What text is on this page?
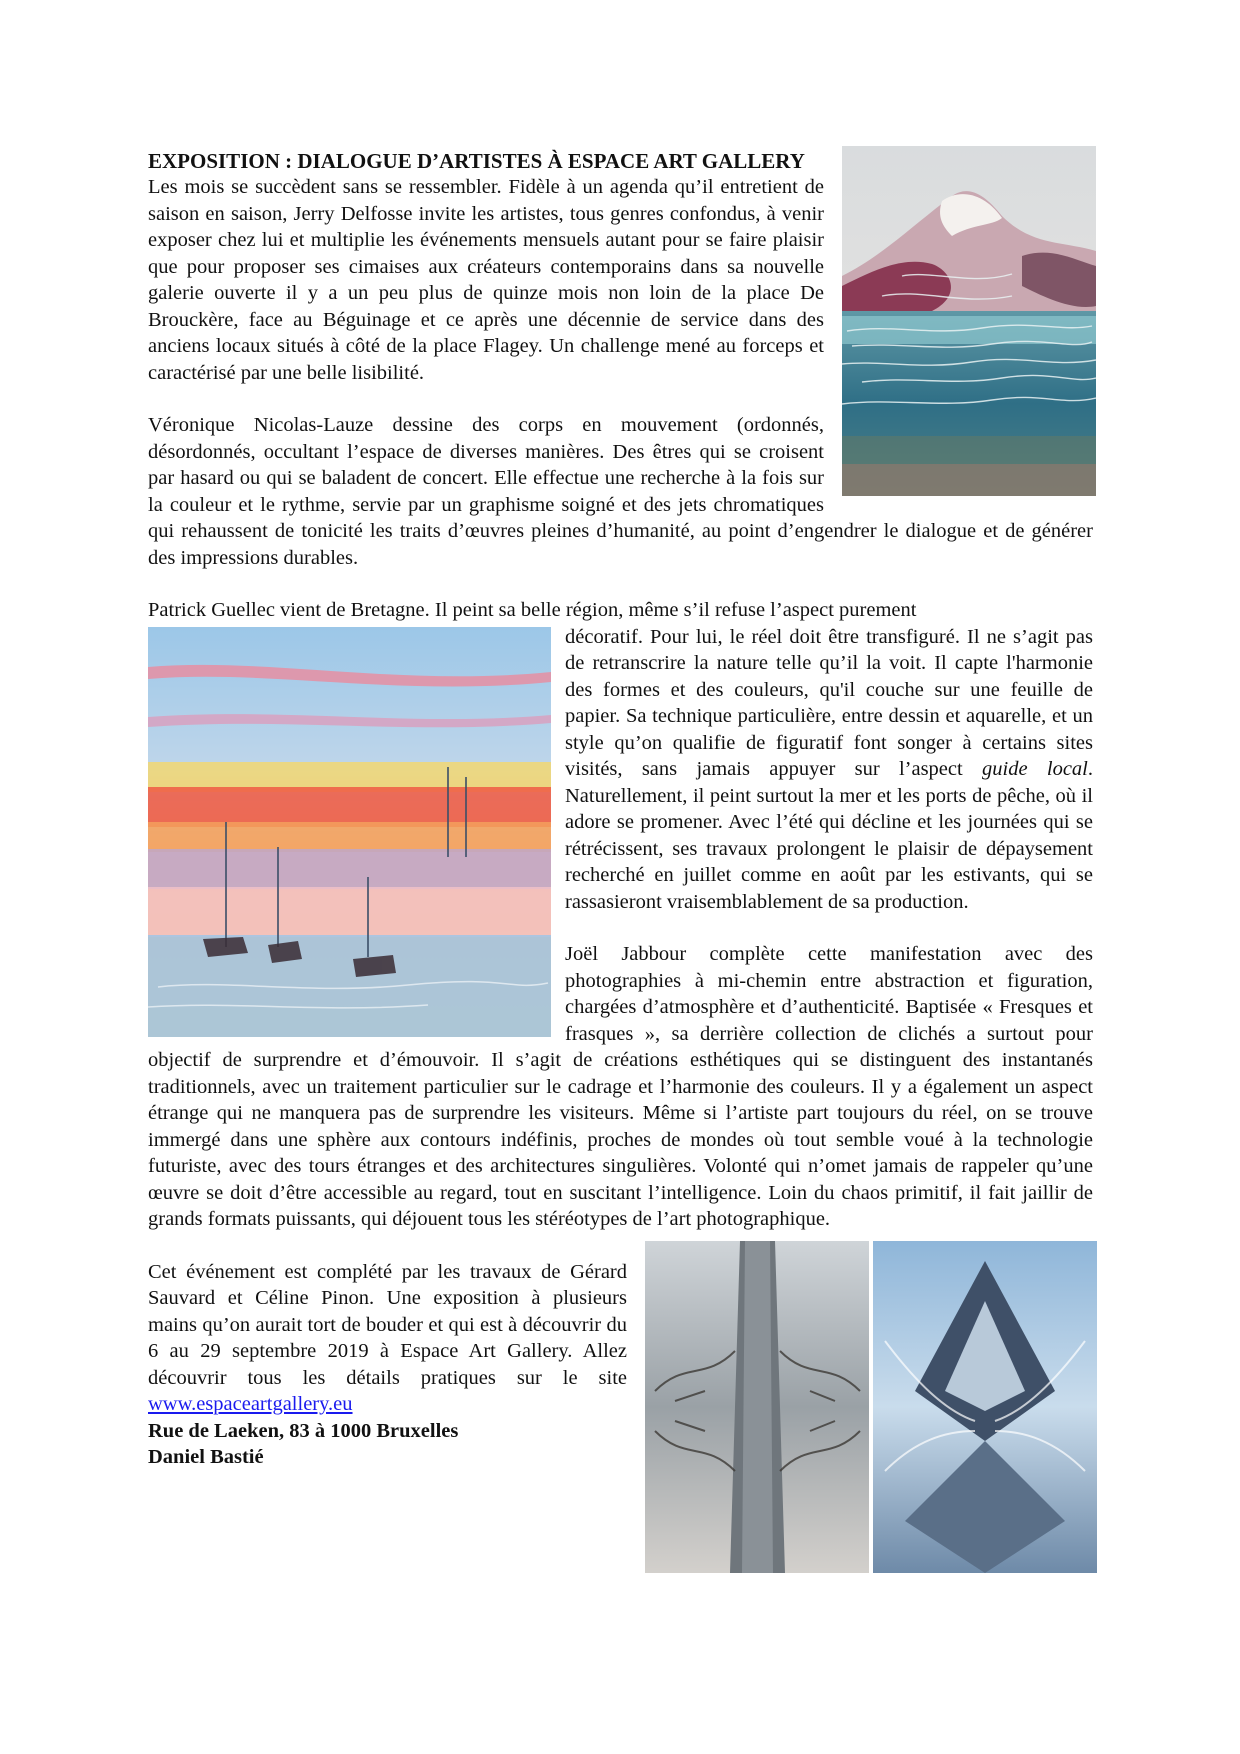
EXPOSITION : DIALOGUE D’ARTISTES À ESPACE ART GALLERY

Les mois se succèdent sans se ressembler. Fidèle à un agenda qu’il entretient de saison en saison, Jerry Delfosse invite les artistes, tous genres confondus, à venir exposer chez lui et multiplie les événements mensuels autant pour se faire plaisir que pour proposer ses cimaises aux créateurs contemporains dans sa nouvelle galerie ouverte il y a un peu plus de quinze mois non loin de la place De Brouckère, face au Béguinage et ce après une décennie de service dans des anciens locaux situés à côté de la place Flagey. Un challenge mené au forceps et caractérisé par une belle lisibilité.

Véronique Nicolas-Lauze dessine des corps en mouvement (ordonnés, désordonnés, occultant l’espace de diverses manières. Des êtres qui se croisent par hasard ou qui se baladent de concert. Elle effectue une recherche à la fois sur la couleur et le rythme, servie par un graphisme soigné et des jets chromatiques qui rehaussent de tonicité les traits d’œuvres pleines d’humanité, au point d’engendrer le dialogue et de générer des impressions durables.

Patrick Guellec vient de Bretagne. Il peint sa belle région, même s’il refuse l’aspect purement

décoratif. Pour lui, le réel doit être transfiguré. Il ne s’agit pas de retranscrire la nature telle qu’il la voit. Il capte l'harmonie des formes et des couleurs, qu'il couche sur une feuille de papier. Sa technique particulière, entre dessin et aquarelle, et un style qu’on qualifie de figuratif font songer à certains sites visités, sans jamais appuyer sur l’aspect guide local. Naturellement, il peint surtout la mer et les ports de pêche, où il adore se promener. Avec l’été qui décline et les journées qui se rétrécissent, ses travaux prolongent le plaisir de dépaysement recherché en juillet comme en août par les estivants, qui se rassasieront vraisemblablement de sa production.

Joël Jabbour complète cette manifestation avec des photographies à mi-chemin entre abstraction et figuration, chargées d’atmosphère et d’authenticité. Baptisée « Fresques et frasques », sa derrière collection de clichés a surtout pour objectif de surprendre et d’émouvoir. Il s’agit de créations esthétiques qui se distinguent des instantanés traditionnels, avec un traitement particulier sur le cadrage et l’harmonie des couleurs. Il y a également un aspect étrange qui ne manquera pas de surprendre les visiteurs. Même si l’artiste part toujours du réel, on se trouve immergé dans une sphère aux contours indéfinis, proches de mondes où tout semble voué à la technologie futuriste, avec des tours étranges et des architectures singulières. Volonté qui n’omet jamais de rappeler qu’une œuvre se doit d’être accessible au regard, tout en suscitant l’intelligence. Loin du chaos primitif, il fait jaillir de grands formats puissants, qui déjouent tous les stéréotypes de l’art photographique.

Cet événement est complété par les travaux de Gérard Sauvard et Céline Pinon. Une exposition à plusieurs mains qu’on aurait tort de bouder et qui est à découvrir du 6 au 29 septembre 2019 à Espace Art Gallery. Allez découvrir tous les détails pratiques sur le site www.espaceartgallery.eu

Rue de Laeken, 83 à 1000 Bruxelles

Daniel Bastié
